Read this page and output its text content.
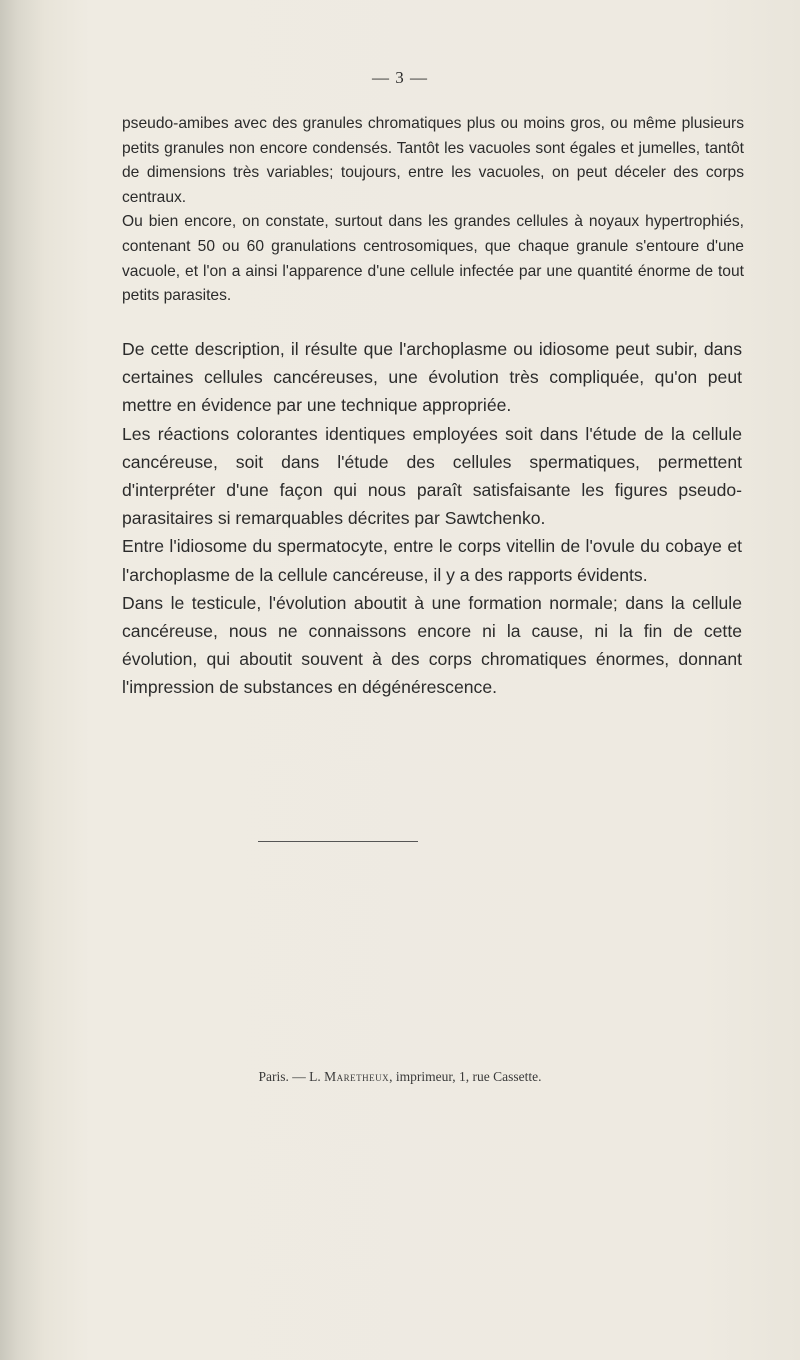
— 3 —

pseudo-amibes avec des granules chromatiques plus ou moins gros, ou même plusieurs petits granules non encore condensés. Tantôt les vacuoles sont égales et jumelles, tantôt de dimensions très variables; toujours, entre les vacuoles, on peut déceler des corps centraux.

Ou bien encore, on constate, surtout dans les grandes cellules à noyaux hypertrophiés, contenant 50 ou 60 granulations centrosomiques, que chaque granule s'entoure d'une vacuole, et l'on a ainsi l'apparence d'une cellule infectée par une quantité énorme de tout petits parasites.

De cette description, il résulte que l'archoplasme ou idiosome peut subir, dans certaines cellules cancéreuses, une évolution très compliquée, qu'on peut mettre en évidence par une technique appropriée.

Les réactions colorantes identiques employées soit dans l'étude de la cellule cancéreuse, soit dans l'étude des cellules spermatiques, permettent d'interpréter d'une façon qui nous paraît satisfaisante les figures pseudo-parasitaires si remarquables décrites par Sawtchenko.

Entre l'idiosome du spermatocyte, entre le corps vitellin de l'ovule du cobaye et l'archoplasme de la cellule cancéreuse, il y a des rapports évidents.

Dans le testicule, l'évolution aboutit à une formation normale; dans la cellule cancéreuse, nous ne connaissons encore ni la cause, ni la fin de cette évolution, qui aboutit souvent à des corps chromatiques énormes, donnant l'impression de substances en dégénérescence.

Paris. — L. Maretheux, imprimeur, 1, rue Cassette.
